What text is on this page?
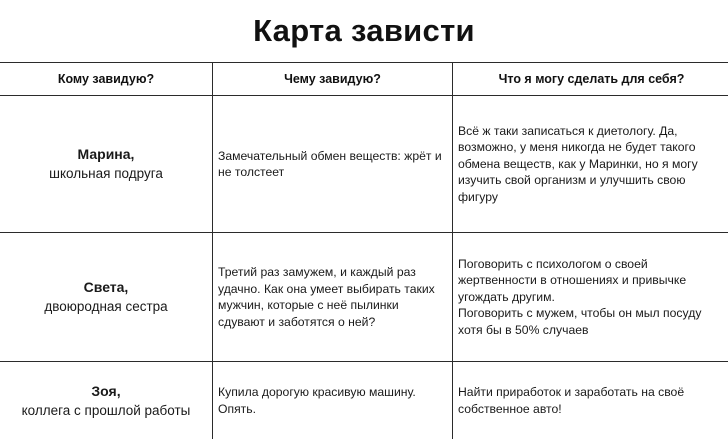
Карта зависти
Кому завидую?	Чему завидую?	Что я могу сделать для себя?

Марина,
школьная подруга	Замечательный обмен веществ: жрёт и не толстеет	Всё ж таки записаться к диетологу. Да, возможно, у меня никогда не будет такого обмена веществ, как у Маринки, но я могу изучить свой организм и улучшить свою фигуру

Света,
двоюродная сестра	Третий раз замужем, и каждый раз удачно. Как она умеет выбирать таких мужчин, которые с неё пылинки сдувают и заботятся о ней?	Поговорить с психологом о своей жертвенности в отношениях и привычке угождать другим.
Поговорить с мужем, чтобы он мыл посуду хотя бы в 50% случаев

Зоя,
коллега с прошлой работы	Купила дорогую красивую машину. Опять.	Найти приработок и заработать на своё собственное авто!
